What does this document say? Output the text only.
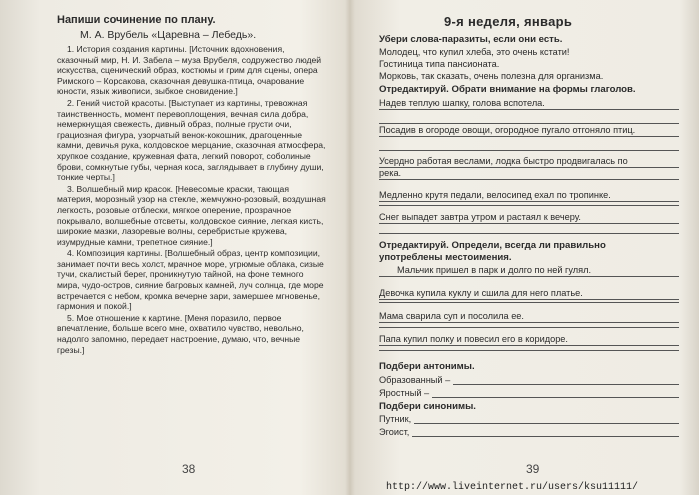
Напиши сочинение по плану.
М. А. Врубель «Царевна – Лебедь».

1. История создания картины. [Источник вдохновения, сказочный мир, Н. И. Забела – муза Врубеля, содружество людей искусства, сценический образ, костюмы и грим для сцены, опера Римского – Корсакова, сказочная девушка-птица, очарование юности, язык живописи, зыбкое сновидение.]

2. Гений чистой красоты. [Выступает из картины, тревожная таинственность, момент перевоплощения, вечная сила добра, немеркнущая свежесть, дивный образ, полные грусти очи, грациозная фигура, узорчатый венок-кокошник, драгоценные камни, девичья рука, колдовское мерцание, сказочная атмосфера, хрупкое создание, кружевная фата, легкий поворот, соболиные брови, сомкнутые губы, черная коса, заглядывает в глубину души, тонкие черты.]

3. Волшебный мир красок. [Невесомые краски, тающая материя, морозный узор на стекле, жемчужно-розовый, воздушная легкость, розовые отблески, мягкое оперение, прозрачное покрывало, волшебные отсветы, колдовское сияние, легкая кисть, широкие мазки, лазоревые волны, серебристые кружева, изумрудные камни, трепетное сияние.]

4. Композиция картины. [Волшебный образ, центр композиции, занимает почти весь холст, мрачное море, угрюмые облака, сизые тучи, скалистый берег, проникнутую тайной, на фоне темного мира, чудо-остров, сияние багровых камней, луч солнца, где море встречается с небом, кромка вечерне зари, замершее мгновенье, гармония и покой.]

5. Мое отношение к картине. [Меня поразило, первое впечатление, больше всего мне, охватило чувство, невольно, надолго запомню, передает настроение, думаю, что, вечные грезы.]

38
9-я неделя, январь
Убери слова-паразиты, если они есть.
Молодец, что купил хлеба, это очень кстати!
Гостиница типа пансионата.
Морковь, так сказать, очень полезна для организма.
Отредактируй. Обрати внимание на формы глаголов.
Надев теплую шапку, голова вспотела.
Посадив в огороде овощи, огородное пугало отгоняло птиц.
Усердно работая веслами, лодка быстро продвигалась по
река.
Медленно крутя педали, велосипед ехал по тропинке.
Снег выпадет завтра утром и растаял к вечеру.
Отредактируй. Определи, всегда ли правильно
употреблены местоимения.
Мальчик пришел в парк и долго по ней гулял.
Девочка купила куклу и сшила для него платье.
Мама сварила суп и посолила ее.
Папа купил полку и повесил его в коридоре.
Подбери антонимы.
Образованный –
Яростный –
Подбери синонимы.
Путник,
Эгоист,
39
http://www.liveinternet.ru/users/ksu11111/
